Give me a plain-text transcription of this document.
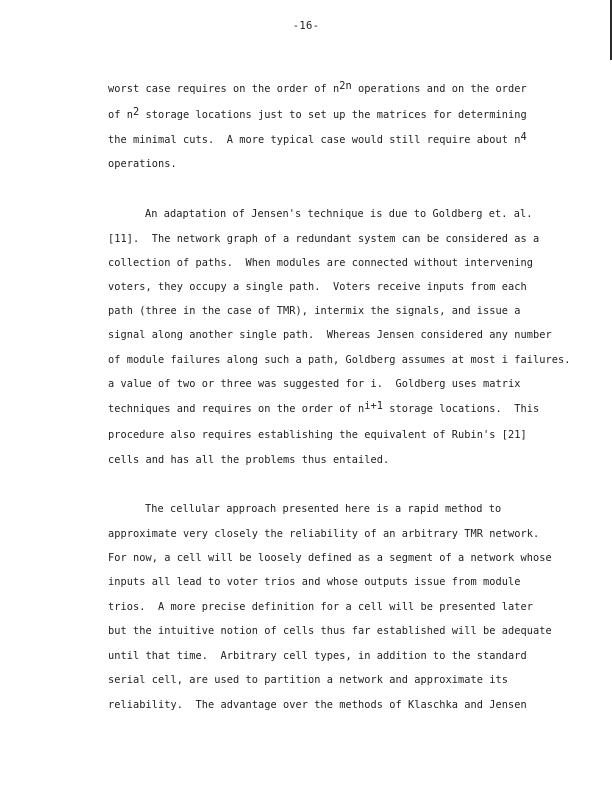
-16-
worst case requires on the order of $n^{2n}$ operations and on the order
of $n^2$ storage locations just to set up the matrices for determining
the minimal cuts.  A more typical case would still require about $n^4$
operations.
An adaptation of Jensen's technique is due to Goldberg et. al.
[11].  The network graph of a redundant system can be considered as a
collection of paths.  When modules are connected without intervening
voters, they occupy a single path.  Voters receive inputs from each
path (three in the case of TMR), intermix the signals, and issue a
signal along another single path.  Whereas Jensen considered any number
of module failures along such a path, Goldberg assumes at most i failures.
a value of two or three was suggested for i.  Goldberg uses matrix
techniques and requires on the order of $n^{i+1}$ storage locations.  This
procedure also requires establishing the equivalent of Rubin's [21]
cells and has all the problems thus entailed.
The cellular approach presented here is a rapid method to
approximate very closely the reliability of an arbitrary TMR network.
For now, a cell will be loosely defined as a segment of a network whose
inputs all lead to voter trios and whose outputs issue from module
trios.  A more precise definition for a cell will be presented later
but the intuitive notion of cells thus far established will be adequate
until that time.  Arbitrary cell types, in addition to the standard
serial cell, are used to partition a network and approximate its
reliability.  The advantage over the methods of Klaschka and Jensen
